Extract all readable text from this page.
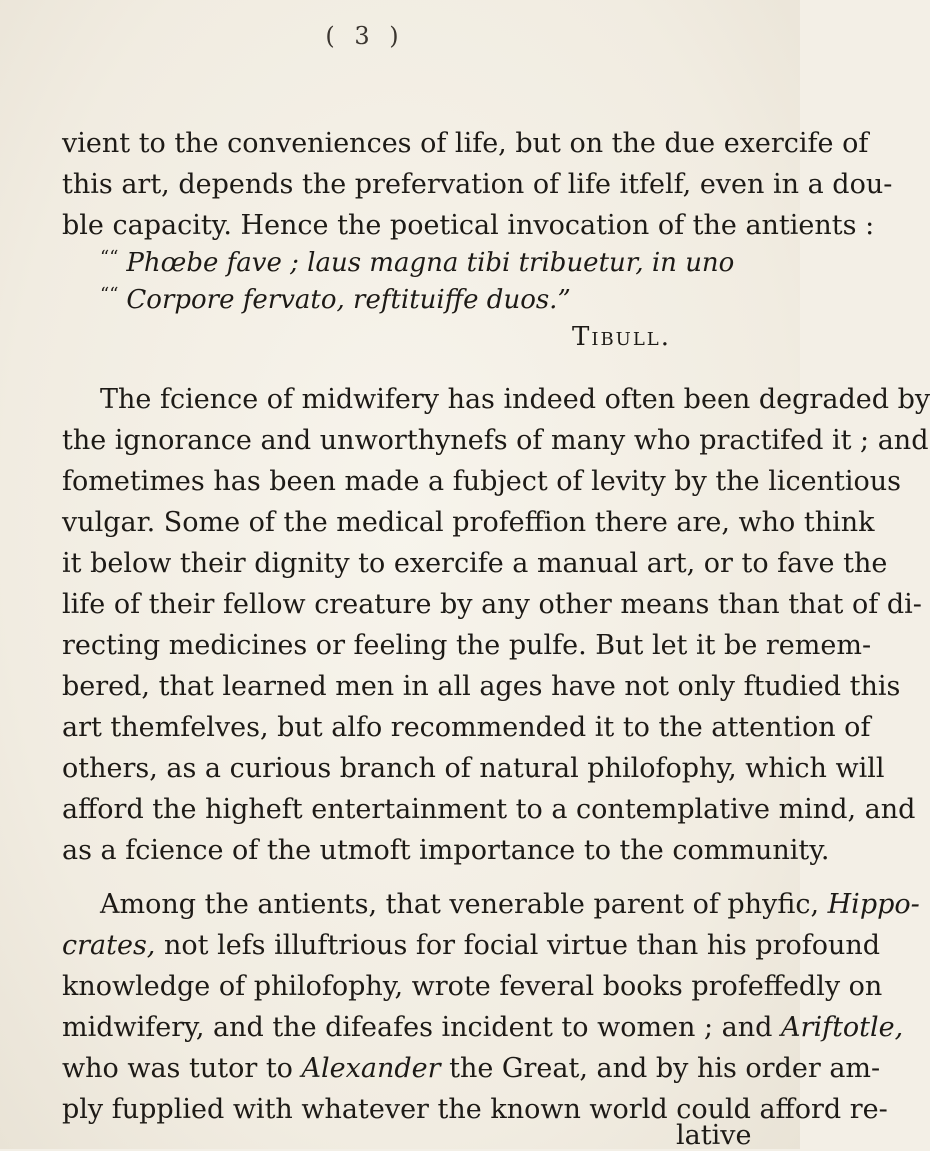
( 3 )
vient to the conveniences of life, but on the due exercife of
this art, depends the prefervation of life itfelf, even in a dou-
ble capacity. Hence the poetical invocation of the antients :
““ Phœbe fave ; laus magna tibi tribuetur, in uno
““ Corpore fervato, reftituiffe duos.”
Tibull.
The fcience of midwifery has indeed often been degraded by
the ignorance and unworthynefs of many who practifed it ; and
fometimes has been made a fubject of levity by the licentious
vulgar. Some of the medical profeffion there are, who think
it below their dignity to exercife a manual art, or to fave the
life of their fellow creature by any other means than that of di-
recting medicines or feeling the pulfe. But let it be remem-
bered, that learned men in all ages have not only ftudied this
art themfelves, but alfo recommended it to the attention of
others, as a curious branch of natural philofophy, which will
afford the higheft entertainment to a contemplative mind, and
as a fcience of the utmoft importance to the community.
Among the antients, that venerable parent of phyfic, Hippo-
crates, not lefs illuftrious for focial virtue than his profound
knowledge of philofophy, wrote feveral books profeffedly on
midwifery, and the difeafes incident to women ; and Ariftotle,
who was tutor to Alexander the Great, and by his order am-
ply fupplied with whatever the known world could afford re-
lative
